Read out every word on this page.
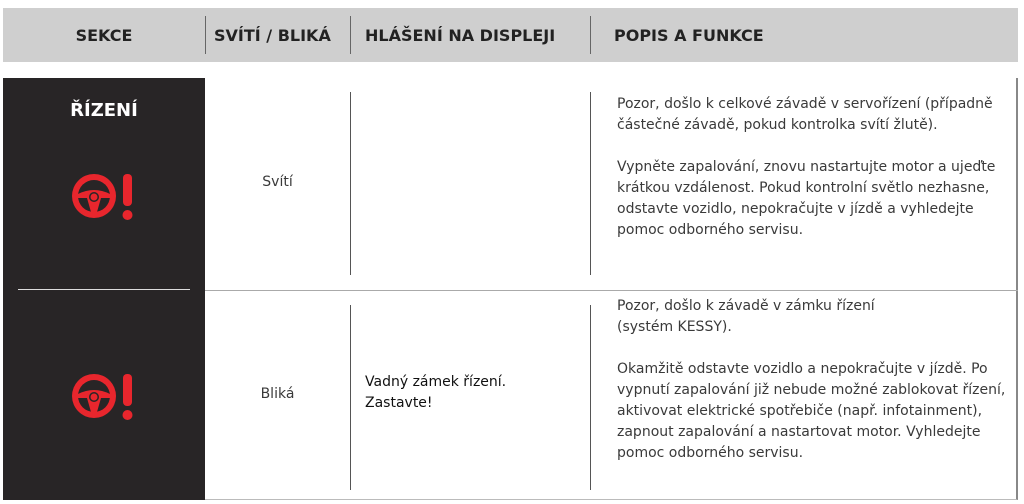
SEKCE	SVÍTÍ / BLIKÁ HLÁŠENÍ NA DISPLEJI	POPIS A FUNKCE
ŘÍZENÍ
Svítí

Pozor, došlo k celkové závadě v servořízení (případně částečné závadě, pokud kontrolka svítí žlutě).

Vypněte zapalování, znovu nastartujte motor a ujeďte krátkou vzdálenost. Pokud kontrolní světlo nezhasne, odstavte vozidlo, nepokračujte v jízdě a vyhledejte pomoc odborného servisu.

Bliká
Vadný zámek řízení.
Zastavte!

Pozor, došlo k závadě v zámku řízení (systém KESSY).

Okamžitě odstavte vozidlo a nepokračujte v jízdě. Po vypnutí zapalování již nebude možné zablokovat řízení, aktivovat elektrické spotřebiče (např. infotainment), zapnout zapalování a nastartovat motor. Vyhledejte pomoc odborného servisu.
